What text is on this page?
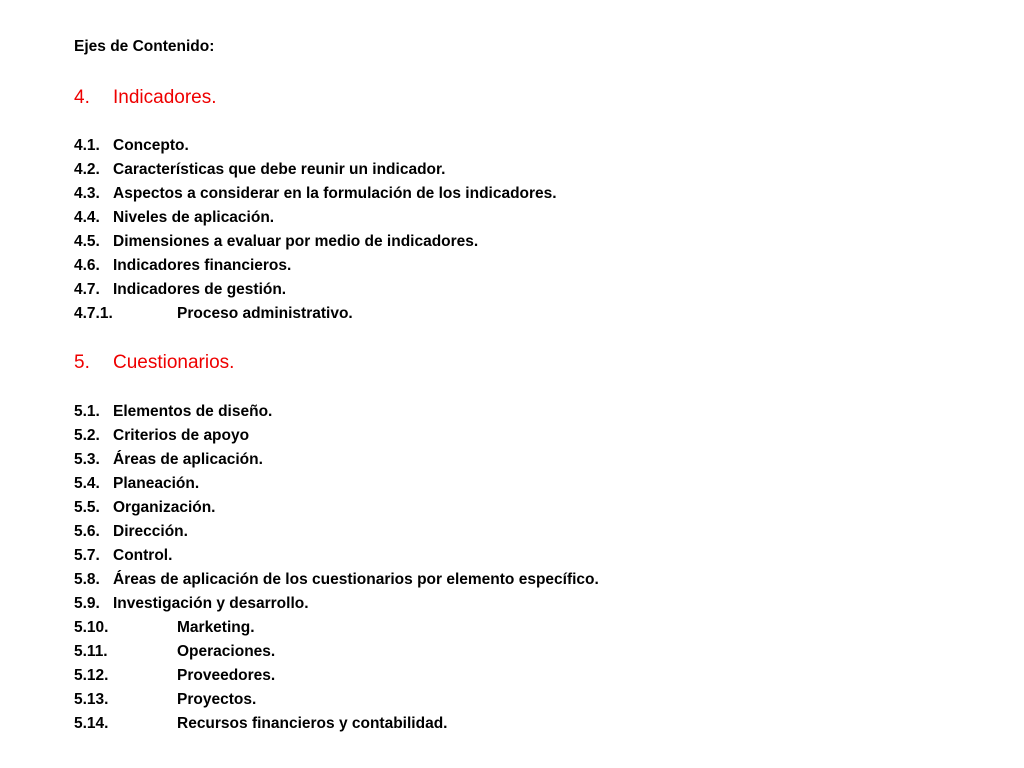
Ejes de Contenido:
4. Indicadores.
4.1. Concepto.
4.2. Características que debe reunir un indicador.
4.3. Aspectos a considerar en la formulación de los indicadores.
4.4. Niveles de aplicación.
4.5. Dimensiones a evaluar por medio de indicadores.
4.6. Indicadores financieros.
4.7. Indicadores de gestión.
4.7.1.	Proceso administrativo.
5. Cuestionarios.
5.1. Elementos de diseño.
5.2. Criterios de apoyo
5.3. Áreas de aplicación.
5.4. Planeación.
5.5. Organización.
5.6. Dirección.
5.7. Control.
5.8. Áreas de aplicación de los cuestionarios por elemento específico.
5.9. Investigación y desarrollo.
5.10.	Marketing.
5.11.	Operaciones.
5.12.	Proveedores.
5.13.	Proyectos.
5.14.	Recursos financieros y contabilidad.
